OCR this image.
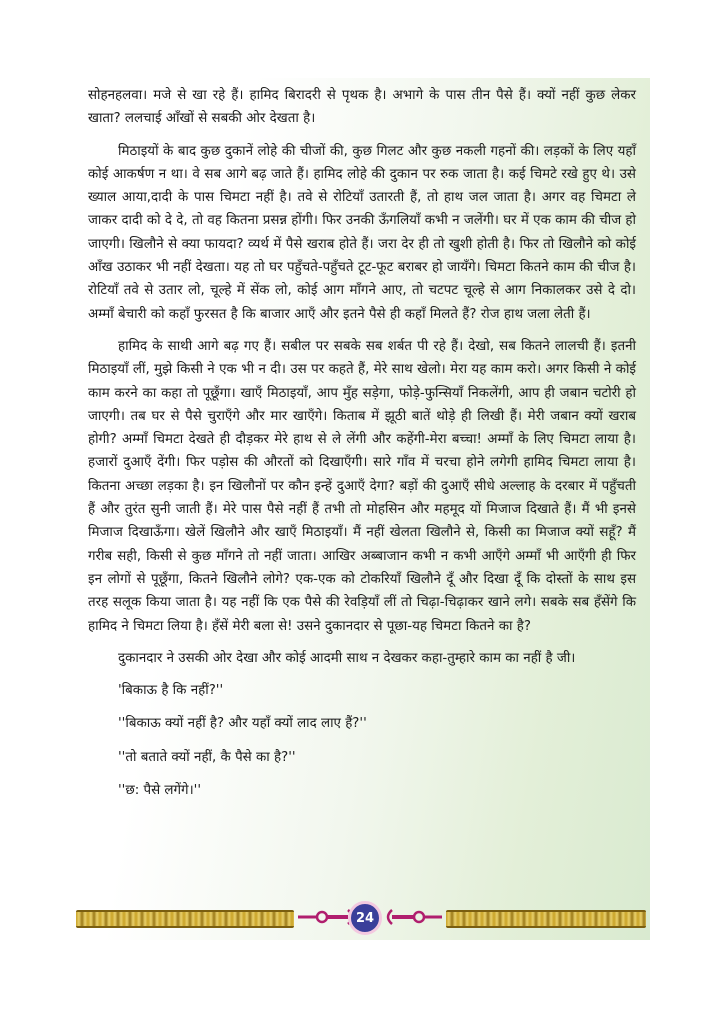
सोहनहलवा। मजे से खा रहे हैं। हामिद बिरादरी से पृथक है। अभागे के पास तीन पैसे हैं। क्यों नहीं कुछ लेकर खाता? ललचाई आँखों से सबकी ओर देखता है।

मिठाइयों के बाद कुछ दुकानें लोहे की चीजों की, कुछ गिलट और कुछ नकली गहनों की। लड़कों के लिए यहाँ कोई आकर्षण न था। वे सब आगे बढ़ जाते हैं। हामिद लोहे की दुकान पर रुक जाता है। कई चिमटे रखे हुए थे। उसे ख्याल आया,दादी के पास चिमटा नहीं है। तवे से रोटियाँ उतारती हैं, तो हाथ जल जाता है। अगर वह चिमटा ले जाकर दादी को दे दे, तो वह कितना प्रसन्न होंगी। फिर उनकी ऊँगलियाँ कभी न जलेंगी। घर में एक काम की चीज हो जाएगी। खिलौने से क्या फायदा? व्यर्थ में पैसे खराब होते हैं। जरा देर ही तो खुशी होती है। फिर तो खिलौने को कोई आँख उठाकर भी नहीं देखता। यह तो घर पहुँचते-पहुँचते टूट-फूट बराबर हो जायँगे। चिमटा कितने काम की चीज है। रोटियाँ तवे से उतार लो, चूल्हे में सेंक लो, कोई आग माँगने आए, तो चटपट चूल्हे से आग निकालकर उसे दे दो। अम्माँ बेचारी को कहाँ फुरसत है कि बाजार आएँ और इतने पैसे ही कहाँ मिलते हैं? रोज हाथ जला लेती हैं।

हामिद के साथी आगे बढ़ गए हैं। सबील पर सबके सब शर्बत पी रहे हैं। देखो, सब कितने लालची हैं। इतनी मिठाइयाँ लीं, मुझे किसी ने एक भी न दी। उस पर कहते हैं, मेरे साथ खेलो। मेरा यह काम करो। अगर किसी ने कोई काम करने का कहा तो पूछूँगा। खाएँ मिठाइयाँ, आप मुँह सड़ेगा, फोड़े-फुन्सियाँ निकलेंगी, आप ही जबान चटोरी हो जाएगी। तब घर से पैसे चुराएँगे और मार खाएँगे। किताब में झूठी बातें थोड़े ही लिखी हैं। मेरी जबान क्यों खराब होगी? अम्माँ चिमटा देखते ही दौड़कर मेरे हाथ से ले लेंगी और कहेंगी-मेरा बच्चा! अम्माँ के लिए चिमटा लाया है। हजारों दुआएँ देंगी। फिर पड़ोस की औरतों को दिखाएँगी। सारे गाँव में चरचा होने लगेगी हामिद चिमटा लाया है। कितना अच्छा लड़का है। इन खिलौनों पर कौन इन्हें दुआएँ देगा? बड़ों की दुआएँ सीधे अल्लाह के दरबार में पहुँचती हैं और तुरंत सुनी जाती हैं। मेरे पास पैसे नहीं हैं तभी तो मोहसिन और महमूद यों मिजाज दिखाते हैं। मैं भी इनसे मिजाज दिखाऊँगा। खेलें खिलौने और खाएँ मिठाइयाँ। मैं नहीं खेलता खिलौने से, किसी का मिजाज क्यों सहूँ? मैं गरीब सही, किसी से कुछ माँगने तो नहीं जाता। आखिर अब्बाजान कभी न कभी आएँगे अम्माँ भी आएँगी ही फिर इन लोगों से पूछूँगा, कितने खिलौने लोगे? एक-एक को टोकरियाँ खिलौने दूँ और दिखा दूँ कि दोस्तों के साथ इस तरह सलूक किया जाता है। यह नहीं कि एक पैसे की रेवड़ियाँ लीं तो चिढ़ा-चिढ़ाकर खाने लगे। सबके सब हँसेंगे कि हामिद ने चिमटा लिया है। हँसें मेरी बला से! उसने दुकानदार से पूछा-यह चिमटा कितने का है?

दुकानदार ने उसकी ओर देखा और कोई आदमी साथ न देखकर कहा-तुम्हारे काम का नहीं है जी।

'बिकाऊ है कि नहीं?''

''बिकाऊ क्यों नहीं है? और यहाँ क्यों लाद लाए हैं?''

''तो बताते क्यों नहीं, कै पैसे का है?''

''छ: पैसे लगेंगे।''

24
